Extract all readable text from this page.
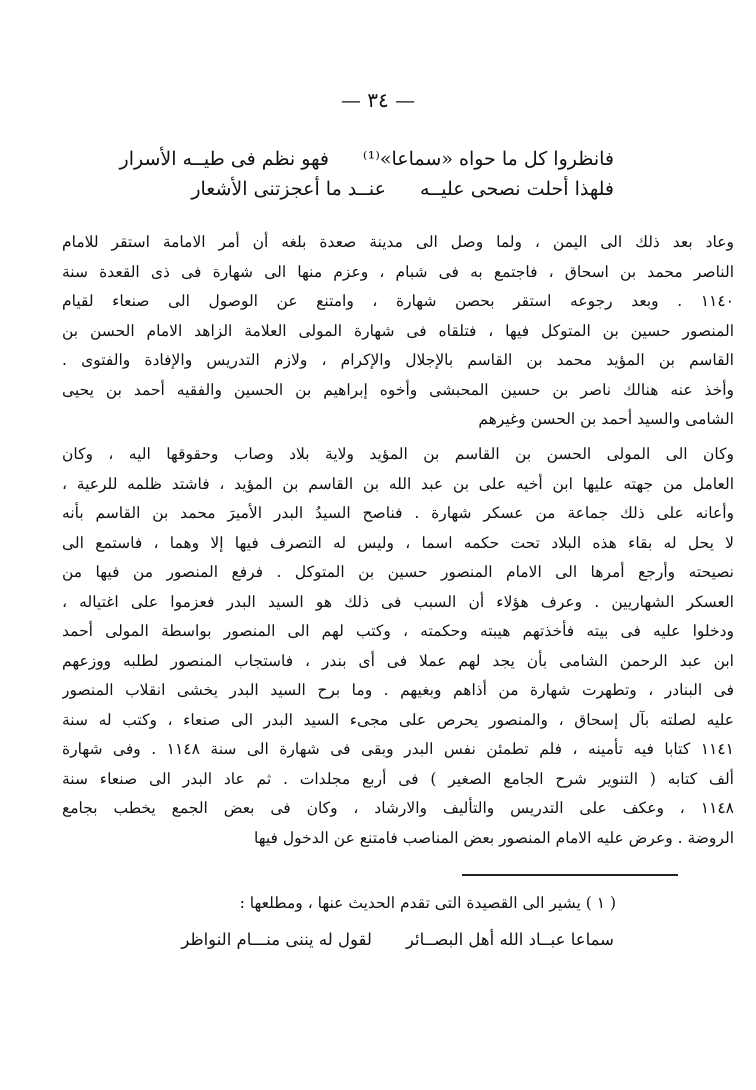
— ٣٤ —
فانظروا كل ما حواه «سماعا»⁽¹⁾فهو نظم فى طيــه الأسرار
فلهذا أحلت نصحى عليــهعنــد ما أعجزتنى الأشعار
وعاد بعد ذلك الى اليمن ، ولما وصل الى مدينة صعدة بلغه أن أمر الامامة استقر للامام
الناصر محمد بن اسحاق ، فاجتمع به فى شبام ، وعزم منها الى شهارة فى ذى القعدة سنة
١١٤٠ . وبعد رجوعه استقر بحصن شهارة ، وامتنع عن الوصول الى صنعاء لقيام
المنصور حسين بن المتوكل فيها ، فتلقاه فى شهارة المولى العلامة الزاهد الامام الحسن بن
القاسم بن المؤيد محمد بن القاسم بالإجلال والإكرام ، ولازم التدريس والإفادة والفتوى .
وأخذ عنه هنالك ناصر بن حسين المحبشى وأخوه إبراهيم بن الحسين والفقيه أحمد بن يحيى
الشامى والسيد أحمد بن الحسن وغيرهم
وكان الى المولى الحسن بن القاسم بن المؤيد ولاية بلاد وصاب وحقوقها اليه ، وكان
العامل من جهته عليها ابن أخيه على بن عبد الله بن القاسم بن المؤيد ، فاشتد ظلمه للرعية ،
وأعانه على ذلك جماعة من عسكر شهارة . فناصح السيدُ البدر الأميرَ محمد بن القاسم بأنه
لا يحل له بقاء هذه البلاد تحت حكمه اسما ، وليس له التصرف فيها إلا وهما ، فاستمع الى
نصيحته وأرجع أمرها الى الامام المنصور حسين بن المتوكل . فرفع المنصور من فيها من
العسكر الشهاريين . وعرف هؤلاء أن السبب فى ذلك هو السيد البدر فعزموا على اغتياله ،
ودخلوا عليه فى بيته فأخذتهم هيبته وحكمته ، وكتب لهم الى المنصور بواسطة المولى أحمد
ابن عبد الرحمن الشامى بأن يجد لهم عملا فى أى بندر ، فاستجاب المنصور لطلبه ووزعهم
فى البنادر ، وتطهرت شهارة من أذاهم وبغيهم . وما برح السيد البدر يخشى انقلاب المنصور
عليه لصلته بآل إسحاق ، والمنصور يحرص على مجىء السيد البدر الى صنعاء ، وكتب له سنة
١١٤١ كتابا فيه تأمينه ، فلم تطمئن نفس البدر وبقى فى شهارة الى سنة ١١٤٨ . وفى شهارة
ألف كتابه ( التنوير شرح الجامع الصغير ) فى أربع مجلدات . ثم عاد البدر الى صنعاء سنة
١١٤٨ ، وعكف على التدريس والتأليف والارشاد ، وكان فى بعض الجمع يخطب بجامع
الروضة . وعرض عليه الامام المنصور بعض المناصب فامتنع عن الدخول فيها
( ١ ) يشير الى القصيدة التى تقدم الحديث عنها ، ومطلعها :
سماعا عبــاد الله أهل البصــائرلقول له يننى منـــام النواظر
